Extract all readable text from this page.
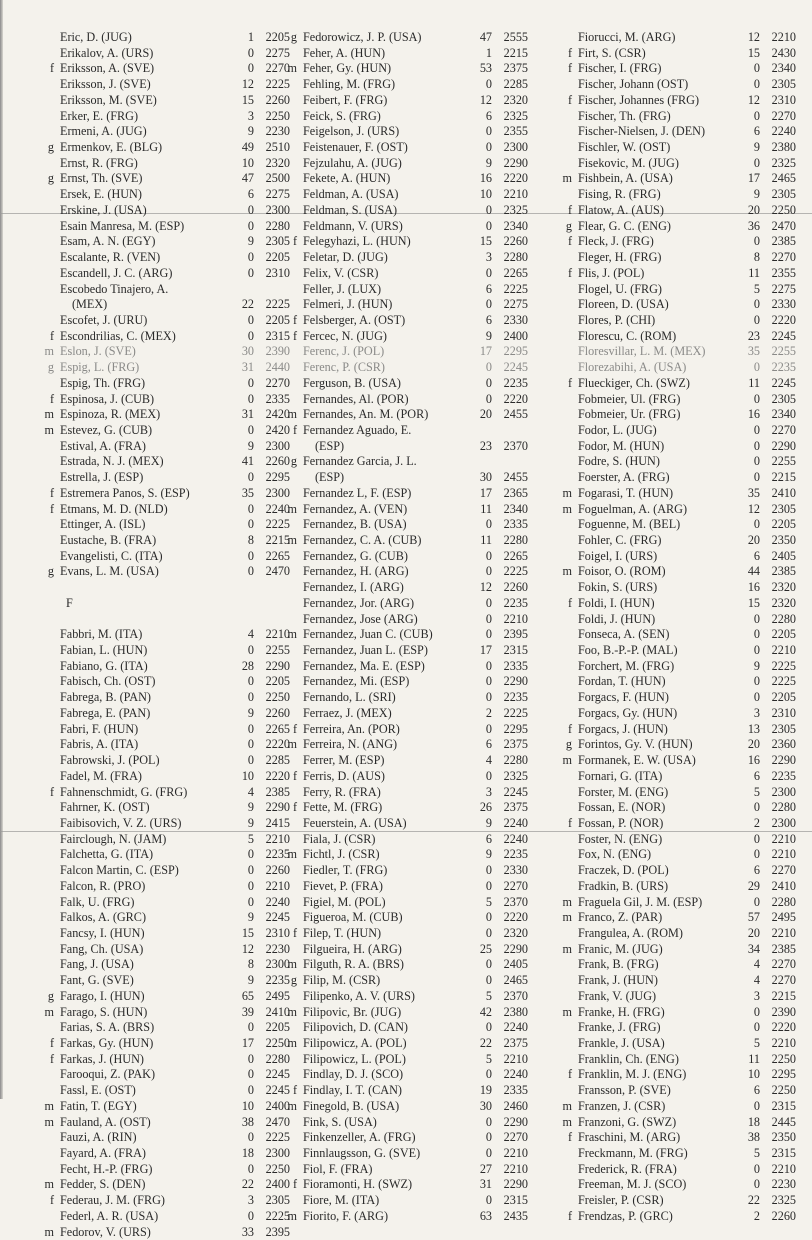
Eric, D. (JUG)	1 2205
Erikalov, A. (URS)	0 2275
f Eriksson, A. (SVE)	0 2270
Eriksson, J. (SVE)	12 2225
Eriksson, M. (SVE)	15 2260
Erker, E. (FRG)	3 2250
Ermeni, A. (JUG)	9 2230
g Ermenkov, E. (BLG)	49 2510
Ernst, R. (FRG)	10 2320
g Ernst, Th. (SVE)	47 2500
Ersek, E. (HUN)	6 2275
Erskine, J. (USA)	0 2300
Esain Manresa, M. (ESP)	0 2280
Esam, A. N. (EGY)	9 2305
Escalante, R. (VEN)	0 2205
Escandell, J. C. (ARG)	0 2310
Escobedo Tinajero, A.
(MEX)	22 2225
Escofet, J. (URU)	0 2205
f Escondrilias, C. (MEX)	0 2315
m Eslon, J. (SVE)	30 2390
g Espig, L. (FRG)	31 2440
Espig, Th. (FRG)	0 2270
f Espinosa, J. (CUB)	0 2335
m Espinoza, R. (MEX)	31 2420
m Estevez, G. (CUB)	0 2420
Estival, A. (FRA)	9 2300
Estrada, N. J. (MEX)	41 2260
Estrella, J. (ESP)	0 2295
f Estremera Panos, S. (ESP)	35 2300
f Etmans, M. D. (NLD)	0 2240
Ettinger, A. (ISL)	0 2225
Eustache, B. (FRA)	8 2215
Evangelisti, C. (ITA)	0 2265
g Evans, L. M. (USA)	0 2470
F
Fabbri, M. (ITA)	4 2210
Fabian, L. (HUN)	0 2255
Fabiano, G. (ITA)	28 2290
Fabisch, Ch. (OST)	0 2205
Fabrega, B. (PAN)	0 2250
Fabrega, E. (PAN)	9 2260
Fabri, F. (HUN)	0 2265
Fabris, A. (ITA)	0 2220
Fabrowski, J. (POL)	0 2285
Fadel, M. (FRA)	10 2220
f Fahnenschmidt, G. (FRG)	4 2385
Fahrner, K. (OST)	9 2290
Faibisovich, V. Z. (URS)	9 2415
Fairclough, N. (JAM)	5 2210
Falchetta, G. (ITA)	0 2235
Falcon Martin, C. (ESP)	0 2260
Falcon, R. (PRO)	0 2210
Falk, U. (FRG)	0 2240
Falkos, A. (GRC)	9 2245
Fancsy, I. (HUN)	15 2310
Fang, Ch. (USA)	12 2230
Fang, J. (USA)	8 2300
Fant, G. (SVE)	9 2235
g Farago, I. (HUN)	65 2495
m Farago, S. (HUN)	39 2410
Farias, S. A. (BRS)	0 2205
f Farkas, Gy. (HUN)	17 2250
f Farkas, J. (HUN)	0 2280
Farooqui, Z. (PAK)	0 2245
Fassl, E. (OST)	0 2245
m Fatin, T. (EGY)	10 2400
m Fauland, A. (OST)	38 2470
Fauzi, A. (RIN)	0 2225
Fayard, A. (FRA)	18 2300
Fecht, H.-P. (FRG)	0 2250
m Fedder, S. (DEN)	22 2400
f Federau, J. M. (FRG)	3 2305
Federl, A. R. (USA)	0 2225
m Fedorov, V. (URS)	33 2395
g Fedorowicz, J. P. (USA)	47 2555
Feher, A. (HUN)	1 2215
m Feher, Gy. (HUN)	53 2375
Fehling, M. (FRG)	0 2285
Feibert, F. (FRG)	12 2320
Feick, S. (FRG)	6 2325
Feigelson, J. (URS)	0 2355
Feistenauer, F. (OST)	0 2300
Fejzulahu, A. (JUG)	9 2290
Fekete, A. (HUN)	16 2220
Feldman, A. (USA)	10 2210
Feldman, S. (USA)	0 2325
Feldmann, V. (URS)	0 2340
f Felegyhazi, L. (HUN)	15 2260
Feletar, D. (JUG)	3 2280
Felix, V. (CSR)	0 2265
Feller, J. (LUX)	6 2225
Felmeri, J. (HUN)	0 2275
f Felsberger, A. (OST)	6 2330
f Fercec, N. (JUG)	9 2400
Ferenc, J. (POL)	17 2295
Ferenc, P. (CSR)	0 2245
Ferguson, B. (USA)	0 2235
Fernandes, Al. (POR)	0 2220
m Fernandes, An. M. (POR)	20 2455
f Fernandez Aguado, E.
(ESP)	23 2370
g Fernandez Garcia, J. L.
(ESP)	30 2455
Fernandez L, F. (ESP)	17 2365
m Fernandez, A. (VEN)	11 2340
Fernandez, B. (USA)	0 2335
m Fernandez, C. A. (CUB)	11 2280
Fernandez, G. (CUB)	0 2265
Fernandez, H. (ARG)	0 2225
Fernandez, I. (ARG)	12 2260
Fernandez, Jor. (ARG)	0 2235
Fernandez, Jose (ARG)	0 2210
m Fernandez, Juan C. (CUB)	0 2395
Fernandez, Juan L. (ESP)	17 2315
Fernandez, Ma. E. (ESP)	0 2335
Fernandez, Mi. (ESP)	0 2290
Fernando, L. (SRI)	0 2235
Ferraez, J. (MEX)	2 2225
f Ferreira, An. (POR)	0 2295
m Ferreira, N. (ANG)	6 2375
Ferrer, M. (ESP)	4 2280
f Ferris, D. (AUS)	0 2325
Ferry, R. (FRA)	3 2245
f Fette, M. (FRG)	26 2375
Feuerstein, A. (USA)	9 2240
Fiala, J. (CSR)	6 2240
m Fichtl, J. (CSR)	9 2235
Fiedler, T. (FRG)	0 2330
Fievet, P. (FRA)	0 2270
Figiel, M. (POL)	5 2370
Figueroa, M. (CUB)	0 2220
f Filep, T. (HUN)	0 2320
Filgueira, H. (ARG)	25 2290
m Filguth, R. A. (BRS)	0 2405
g Filip, M. (CSR)	0 2465
Filipenko, A. V. (URS)	5 2370
m Filipovic, Br. (JUG)	42 2380
Filipovich, D. (CAN)	0 2240
m Filipowicz, A. (POL)	22 2375
Filipowicz, L. (POL)	5 2210
Findlay, D. J. (SCO)	0 2240
f Findlay, I. T. (CAN)	19 2335
m Finegold, B. (USA)	30 2460
Fink, S. (USA)	0 2290
Finkenzeller, A. (FRG)	0 2270
Finnlaugsson, G. (SVE)	0 2210
Fiol, F. (FRA)	27 2210
f Fioramonti, H. (SWZ)	31 2290
Fiore, M. (ITA)	0 2315
m Fiorito, F. (ARG)	63 2435
Fiorucci, M. (ARG)	12 2210
f Firt, S. (CSR)	15 2430
f Fischer, I. (FRG)	0 2340
Fischer, Johann (OST)	0 2305
f Fischer, Johannes (FRG)	12 2310
Fischer, Th. (FRG)	0 2270
Fischer-Nielsen, J. (DEN)	6 2240
Fischler, W. (OST)	9 2380
Fisekovic, M. (JUG)	0 2325
m Fishbein, A. (USA)	17 2465
Fising, R. (FRG)	9 2305
f Flatow, A. (AUS)	20 2250
g Flear, G. C. (ENG)	36 2470
f Fleck, J. (FRG)	0 2385
Fleger, H. (FRG)	8 2270
f Flis, J. (POL)	11 2355
Flogel, U. (FRG)	5 2275
Floreen, D. (USA)	0 2330
Flores, P. (CHI)	0 2220
Florescu, C. (ROM)	23 2245
Floresvillar, L. M. (MEX)	35 2255
Florezabihi, A. (USA)	0 2235
f Flueckiger, Ch. (SWZ)	11 2245
Fobmeier, Ul. (FRG)	0 2305
Fobmeier, Ur. (FRG)	16 2340
Fodor, L. (JUG)	0 2270
Fodor, M. (HUN)	0 2290
Fodre, S. (HUN)	0 2255
Foerster, A. (FRG)	0 2215
m Fogarasi, T. (HUN)	35 2410
m Foguelman, A. (ARG)	12 2305
Foguenne, M. (BEL)	0 2205
Fohler, C. (FRG)	20 2350
Foigel, I. (URS)	6 2405
m Foisor, O. (ROM)	44 2385
Fokin, S. (URS)	16 2320
f Foldi, I. (HUN)	15 2320
Foldi, J. (HUN)	0 2280
Fonseca, A. (SEN)	0 2205
Foo, B.-P.-P. (MAL)	0 2210
Forchert, M. (FRG)	9 2225
Fordan, T. (HUN)	0 2225
Forgacs, F. (HUN)	0 2205
Forgacs, Gy. (HUN)	3 2310
f Forgacs, J. (HUN)	13 2305
g Forintos, Gy. V. (HUN)	20 2360
m Formanek, E. W. (USA)	16 2290
Fornari, G. (ITA)	6 2235
Forster, M. (ENG)	5 2300
Fossan, E. (NOR)	0 2280
f Fossan, P. (NOR)	2 2300
Foster, N. (ENG)	0 2210
Fox, N. (ENG)	0 2210
Fraczek, D. (POL)	6 2270
Fradkin, B. (URS)	29 2410
m Fraguela Gil, J. M. (ESP)	0 2280
m Franco, Z. (PAR)	57 2495
Frangulea, A. (ROM)	20 2210
m Franic, M. (JUG)	34 2385
Frank, B. (FRG)	4 2270
Frank, J. (HUN)	4 2270
Frank, V. (JUG)	3 2215
m Franke, H. (FRG)	0 2390
Franke, J. (FRG)	0 2220
Frankle, J. (USA)	5 2210
Franklin, Ch. (ENG)	11 2250
f Franklin, M. J. (ENG)	10 2295
Fransson, P. (SVE)	6 2250
m Franzen, J. (CSR)	0 2315
m Franzoni, G. (SWZ)	18 2445
f Fraschini, M. (ARG)	38 2350
Freckmann, M. (FRG)	5 2315
Frederick, R. (FRA)	0 2210
Freeman, M. J. (SCO)	0 2230
Freisler, P. (CSR)	22 2325
f Frendzas, P. (GRC)	2 2260
